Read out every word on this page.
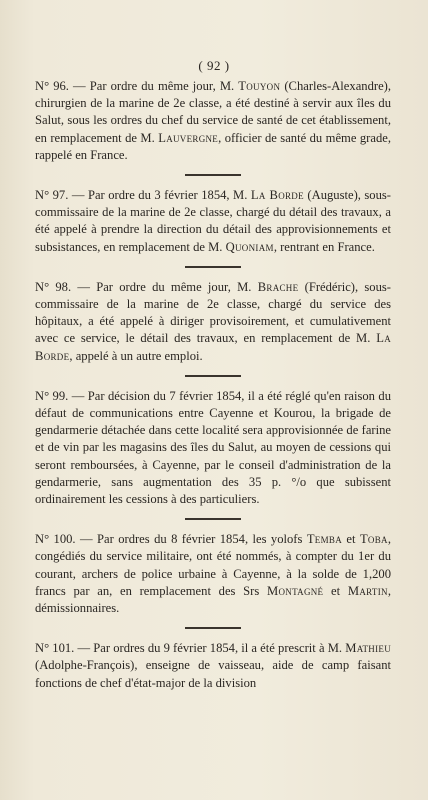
( 92 )

N° 96. — Par ordre du même jour, M. Touyon (Charles-Alexandre), chirurgien de la marine de 2e classe, a été destiné à servir aux îles du Salut, sous les ordres du chef du service de santé de cet établissement, en remplacement de M. Lauvergne, officier de santé du même grade, rappelé en France.

N° 97. — Par ordre du 3 février 1854, M. La Borde (Auguste), sous-commissaire de la marine de 2e classe, chargé du détail des travaux, a été appelé à prendre la direction du détail des approvisionnements et subsistances, en remplacement de M. Quoniam, rentrant en France.

N° 98. — Par ordre du même jour, M. Brache (Frédéric), sous-commissaire de la marine de 2e classe, chargé du service des hôpitaux, a été appelé à diriger provisoirement, et cumulativement avec ce service, le détail des travaux, en remplacement de M. La Borde, appelé à un autre emploi.

N° 99. — Par décision du 7 février 1854, il a été réglé qu'en raison du défaut de communications entre Cayenne et Kourou, la brigade de gendarmerie détachée dans cette localité sera approvisionnée de farine et de vin par les magasins des îles du Salut, au moyen de cessions qui seront remboursées, à Cayenne, par le conseil d'administration de la gendarmerie, sans augmentation des 35 p. °/o que subissent ordinairement les cessions à des particuliers.

N° 100. — Par ordres du 8 février 1854, les yolofs Temba et Toba, congédiés du service militaire, ont été nommés, à compter du 1er du courant, archers de police urbaine à Cayenne, à la solde de 1,200 francs par an, en remplacement des Srs Montagné et Martin, démissionnaires.

N° 101. — Par ordres du 9 février 1854, il a été prescrit à M. Mathieu (Adolphe-François), enseigne de vaisseau, aide de camp faisant fonctions de chef d'état-major de la division
